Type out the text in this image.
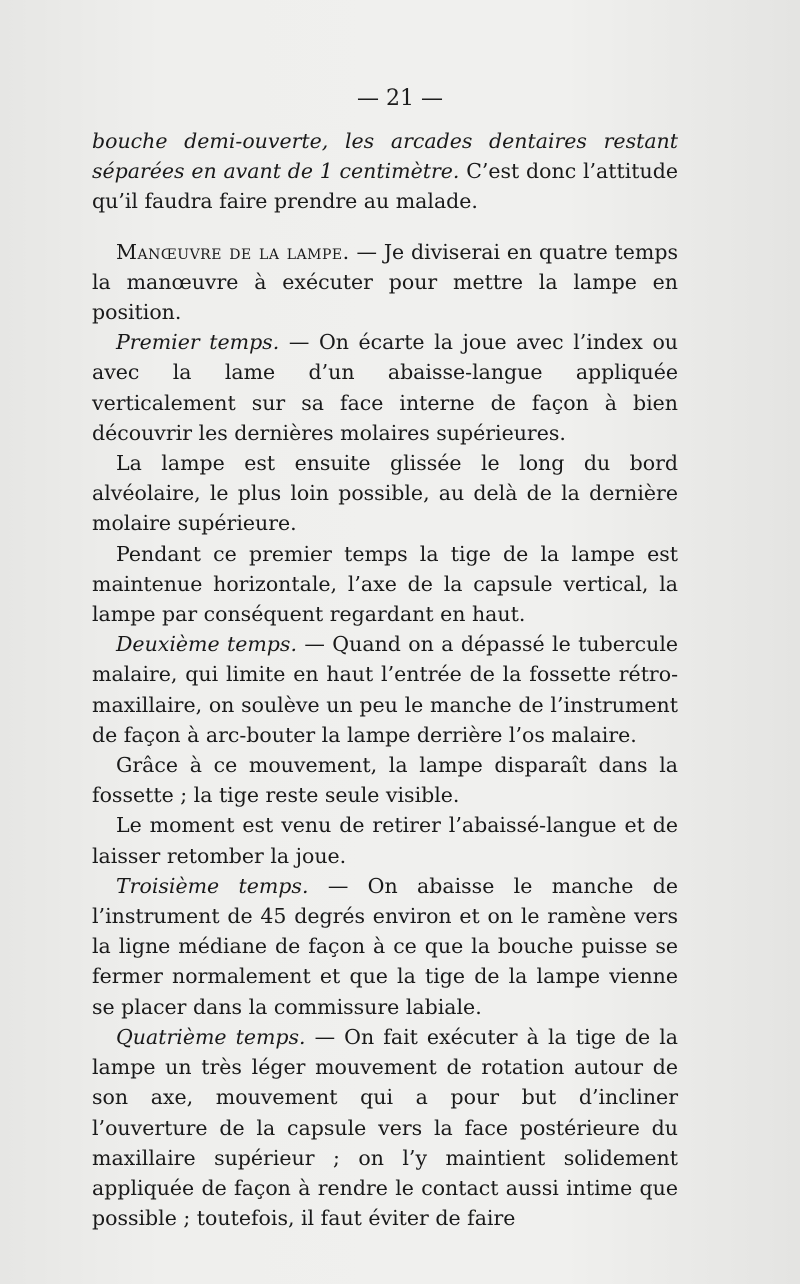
— 21 —

bouche demi-ouverte, les arcades dentaires restant séparées en avant de 1 centimètre. C’est donc l’attitude qu’il faudra faire prendre au malade.

Manœuvre de la lampe. — Je diviserai en quatre temps la manœuvre à exécuter pour mettre la lampe en position.

Premier temps. — On écarte la joue avec l’index ou avec la lame d’un abaisse-langue appliquée verticalement sur sa face interne de façon à bien découvrir les dernières molaires supérieures.

La lampe est ensuite glissée le long du bord alvéolaire, le plus loin possible, au delà de la dernière molaire supérieure.

Pendant ce premier temps la tige de la lampe est maintenue horizontale, l’axe de la capsule vertical, la lampe par conséquent regardant en haut.

Deuxième temps. — Quand on a dépassé le tubercule malaire, qui limite en haut l’entrée de la fossette rétro-maxillaire, on soulève un peu le manche de l’instrument de façon à arc-bouter la lampe derrière l’os malaire.

Grâce à ce mouvement, la lampe disparaît dans la fossette ; la tige reste seule visible.

Le moment est venu de retirer l’abaissé-langue et de laisser retomber la joue.

Troisième temps. — On abaisse le manche de l’instrument de 45 degrés environ et on le ramène vers la ligne médiane de façon à ce que la bouche puisse se fermer normalement et que la tige de la lampe vienne se placer dans la commissure labiale.

Quatrième temps. — On fait exécuter à la tige de la lampe un très léger mouvement de rotation autour de son axe, mouvement qui a pour but d’incliner l’ouverture de la capsule vers la face postérieure du maxillaire supérieur ; on l’y maintient solidement appliquée de façon à rendre le contact aussi intime que possible ; toutefois, il faut éviter de faire
